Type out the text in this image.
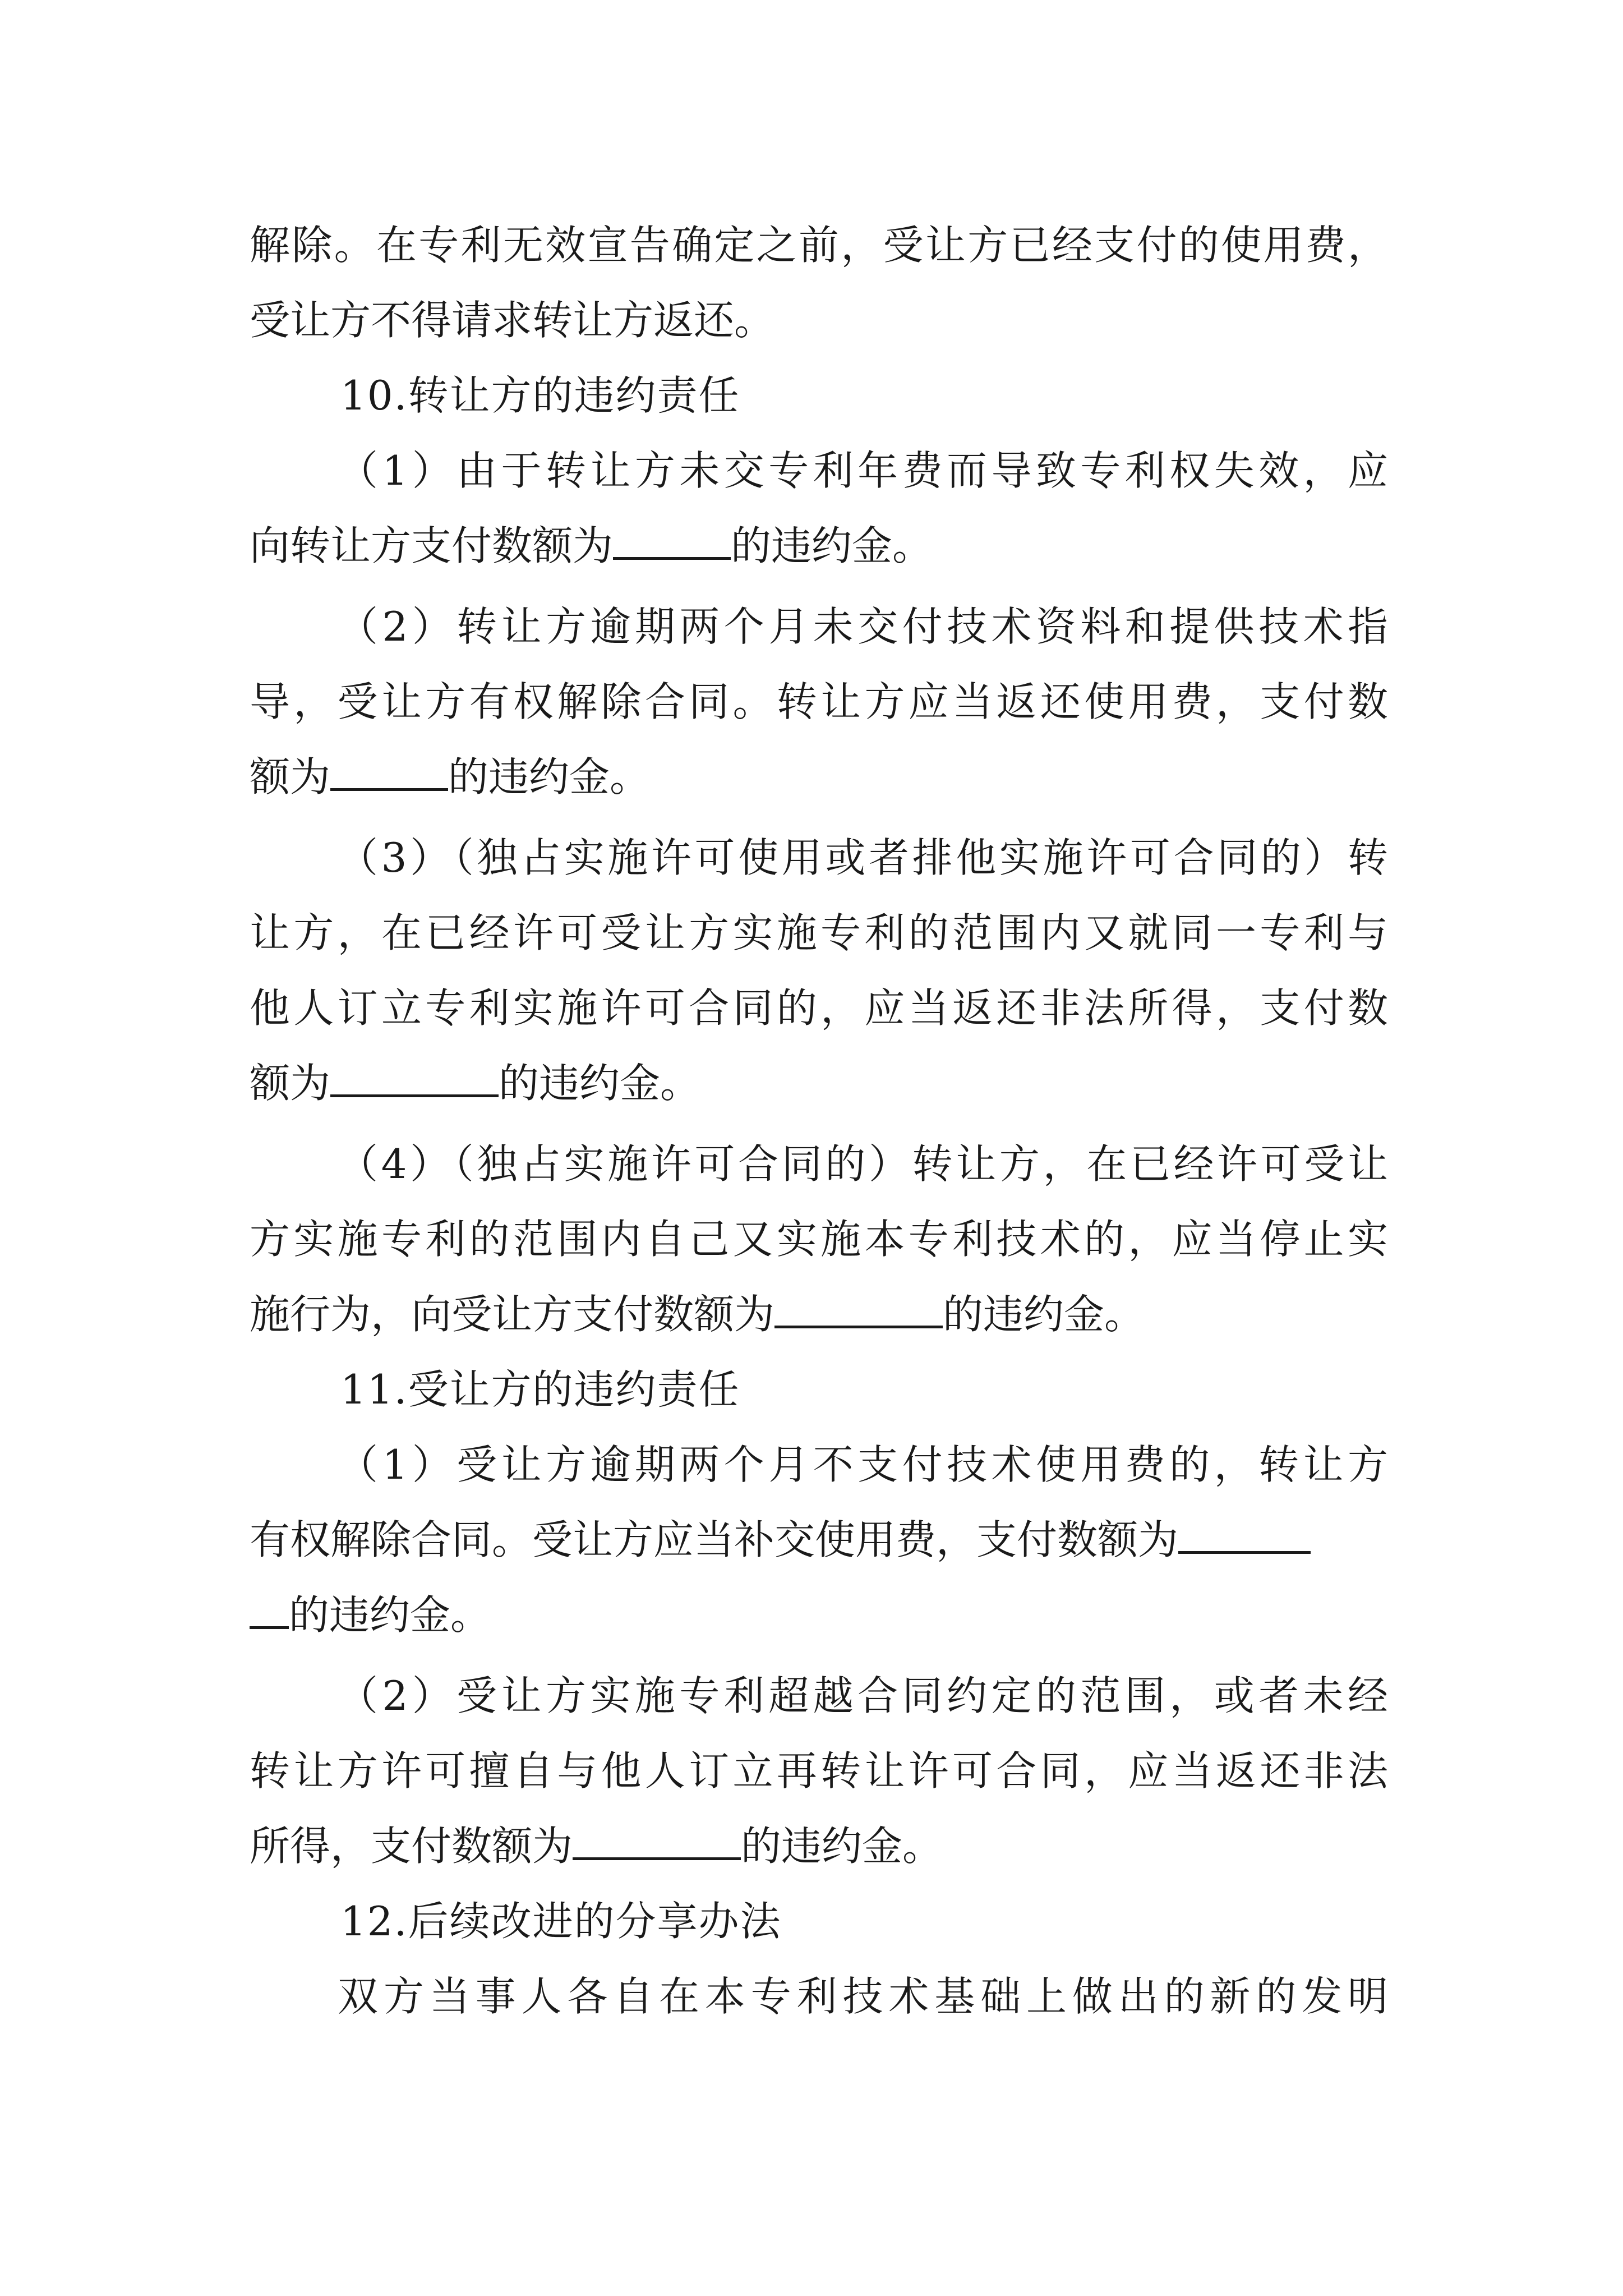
解除。在专利无效宣告确定之前，受让方已经支付的使用费，
受让方不得请求转让方返还。
10.转让方的违约责任
（1）由于转让方未交专利年费而导致专利权失效，应
向转让方支付数额为	的违约金。
（2）转让方逾期两个月未交付技术资料和提供技术指
导，受让方有权解除合同。转让方应当返还使用费，支付数
额为	的违约金。
（3）（独占实施许可使用或者排他实施许可合同的）转
让方，在已经许可受让方实施专利的范围内又就同一专利与
他人订立专利实施许可合同的，应当返还非法所得，支付数
额为	的违约金。
（4）（独占实施许可合同的）转让方，在已经许可受让
方实施专利的范围内自己又实施本专利技术的，应当停止实
施行为，向受让方支付数额为	的违约金。
11.受让方的违约责任
（1）受让方逾期两个月不支付技术使用费的，转让方
有权解除合同。受让方应当补交使用费，支付数额为
的违约金。
（2）受让方实施专利超越合同约定的范围，或者未经
转让方许可擅自与他人订立再转让许可合同，应当返还非法
所得，支付数额为	的违约金。
12.后续改进的分享办法
双方当事人各自在本专利技术基础上做出的新的发明
